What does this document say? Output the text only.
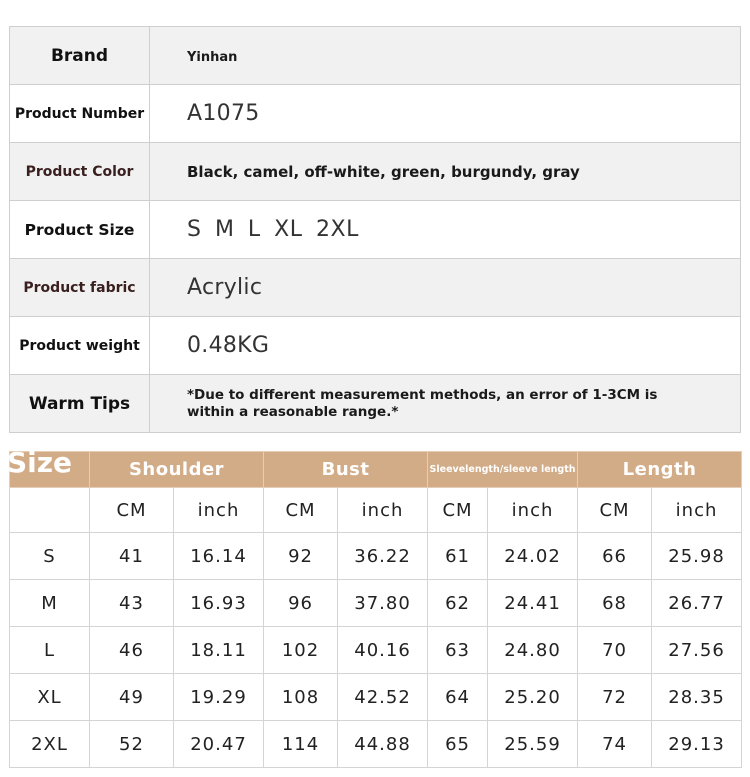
Brand	Yinhan
Product Number	A1075
Product Color	Black, camel, off-white, green, burgundy, gray
Product Size	S M L XL 2XL
Product fabric	Acrylic
Product weight	0.48KG
Warm Tips	*Due to different measurement methods, an error of 1-3CM is within a reasonable range.*
Size	Shoulder		Bust		Sleevelength/sleeve length		Length	
	CM	inch	CM	inch	CM	inch	CM	inch
S	41	16.14	92	36.22	61	24.02	66	25.98
M	43	16.93	96	37.80	62	24.41	68	26.77
L	46	18.11	102	40.16	63	24.80	70	27.56
XL	49	19.29	108	42.52	64	25.20	72	28.35
2XL	52	20.47	114	44.88	65	25.59	74	29.13
